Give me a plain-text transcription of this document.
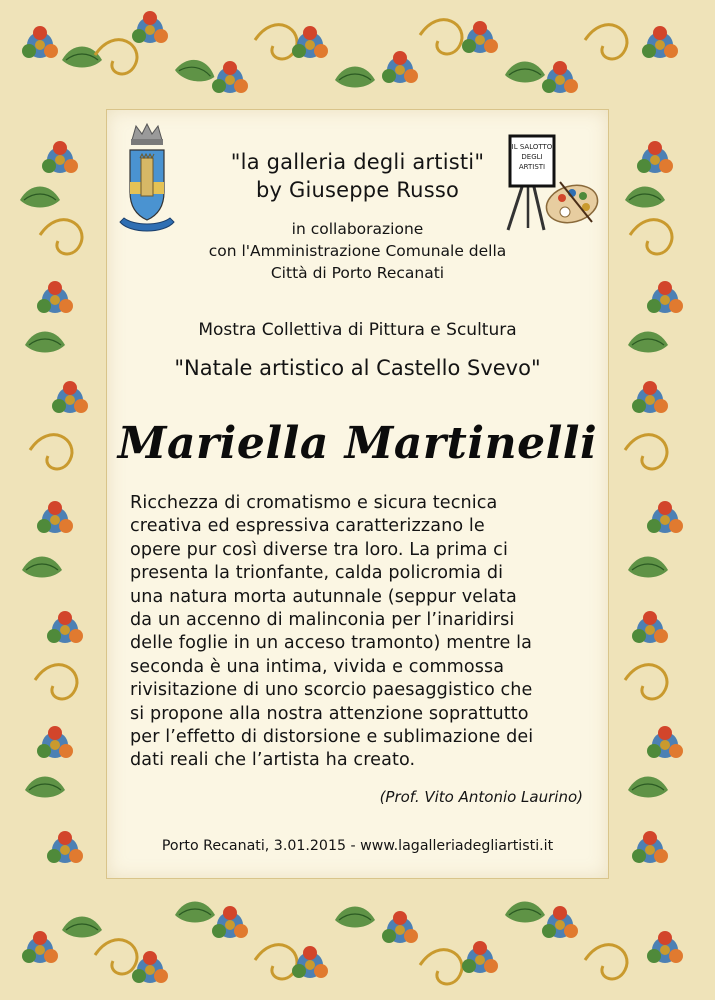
IL SALOTTO
DEGLI
ARTISTI
"la galleria degli artisti"
by Giuseppe Russo
in collaborazione
con l'Amministrazione Comunale della
Città di Porto Recanati
Mostra Collettiva di Pittura e Scultura
"Natale artistico al Castello Svevo"
Mariella Martinelli
Ricchezza di cromatismo e sicura tecnica
creativa ed espressiva caratterizzano le
opere pur così diverse tra loro. La prima ci
presenta la trionfante, calda policromia di
una natura morta autunnale (seppur velata
da un accenno di malinconia per l’inaridirsi
delle foglie in un acceso tramonto) mentre la
seconda è una intima, vivida e commossa
rivisitazione di uno scorcio paesaggistico che
si propone alla nostra attenzione soprattutto
per l’effetto di distorsione e sublimazione dei
dati reali che l’artista ha creato.
(Prof. Vito Antonio Laurino)
Porto Recanati, 3.01.2015 - www.lagalleriadegliartisti.it
